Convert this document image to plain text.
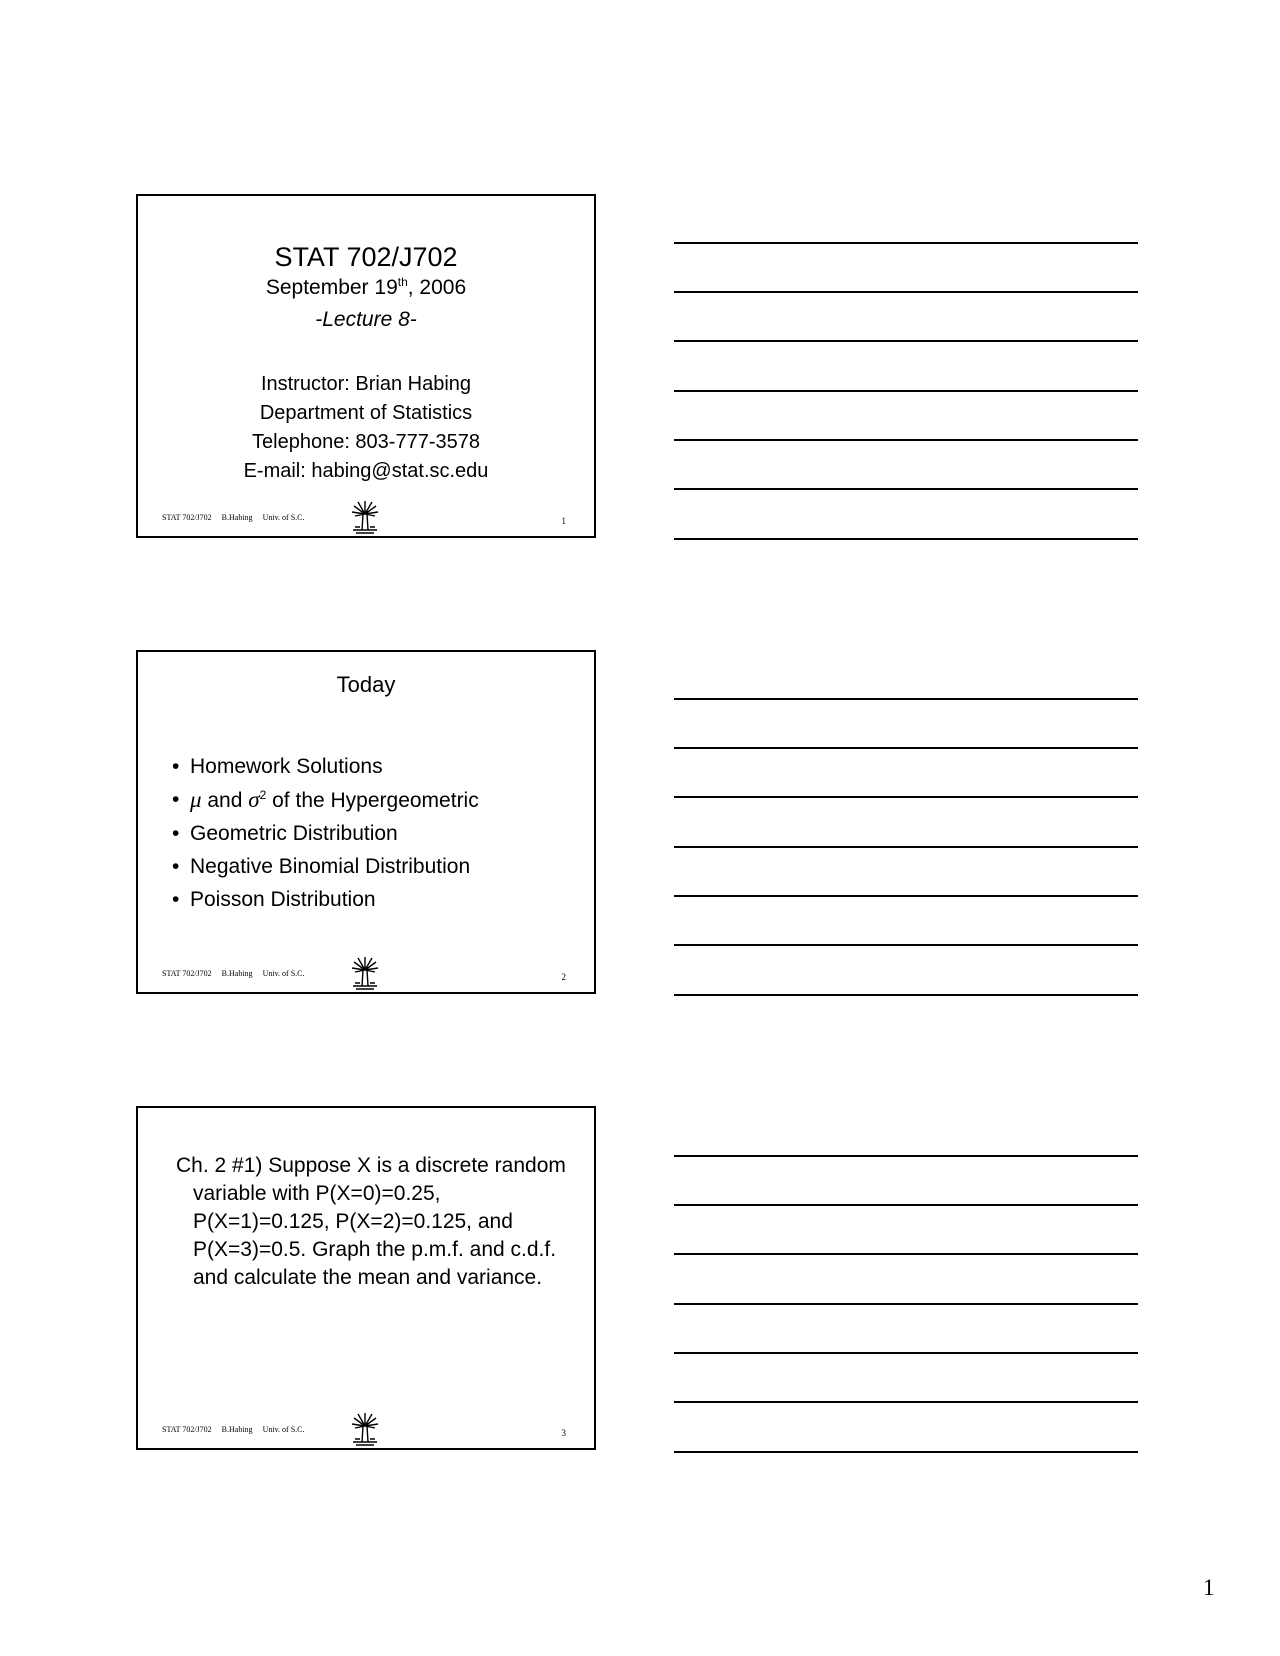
STAT 702/J702
September 19th, 2006
-Lecture 8-
Instructor: Brian Habing
Department of Statistics
Telephone: 803-777-3578
E-mail: habing@stat.sc.edu
STAT 702/J702 B.Habing Univ. of S.C.	1
Today
• Homework Solutions
• μ and $\sigma^2$ of the Hypergeometric
• Geometric Distribution
• Negative Binomial Distribution
• Poisson Distribution
STAT 702/J702 B.Habing Univ. of S.C.	2
Ch. 2 #1) Suppose X is a discrete random variable with P(X=0)=0.25, P(X=1)=0.125, P(X=2)=0.125, and P(X=3)=0.5. Graph the p.m.f. and c.d.f. and calculate the mean and variance.
STAT 702/J702 B.Habing Univ. of S.C.	3
1
